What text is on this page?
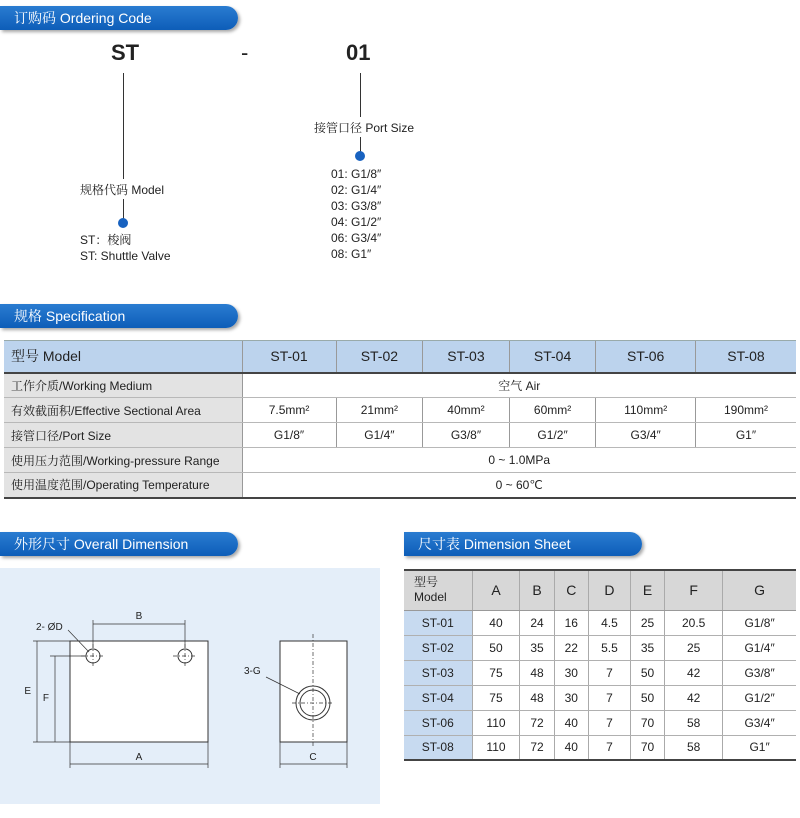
订购码 Ordering Code
ST	-	01
规格代码 Model
ST：梭阀
ST: Shuttle Valve
接管口径 Port Size
01: G1/8″
02: G1/4″
03: G3/8″
04: G1/2″
06: G3/4″
08: G1″
规格 Specification
型号 Model	ST-01	ST-02	ST-03	ST-04	ST-06	ST-08
工作介质/Working Medium	空气 Air					
有效截面积/Effective Sectional Area	7.5mm²	21mm²	40mm²	60mm²	110mm²	190mm²
接管口径/Port Size	G1/8″	G1/4″	G3/8″	G1/2″	G3/4″	G1″
使用压力范围/Working-pressure Range	0 ~ 1.0MPa					
使用温度范围/Operating Temperature	0 ~ 60℃					
外形尺寸 Overall Dimension
B
2- ØD
E
F
A
3-G
C
尺寸表 Dimension Sheet
型号
Model	A	B	C	D	E	F	G
ST-01	40	24	16	4.5	25	20.5	G1/8″
ST-02	50	35	22	5.5	35	25	G1/4″
ST-03	75	48	30	7	50	42	G3/8″
ST-04	75	48	30	7	50	42	G1/2″
ST-06	110	72	40	7	70	58	G3/4″
ST-08	110	72	40	7	70	58	G1″
